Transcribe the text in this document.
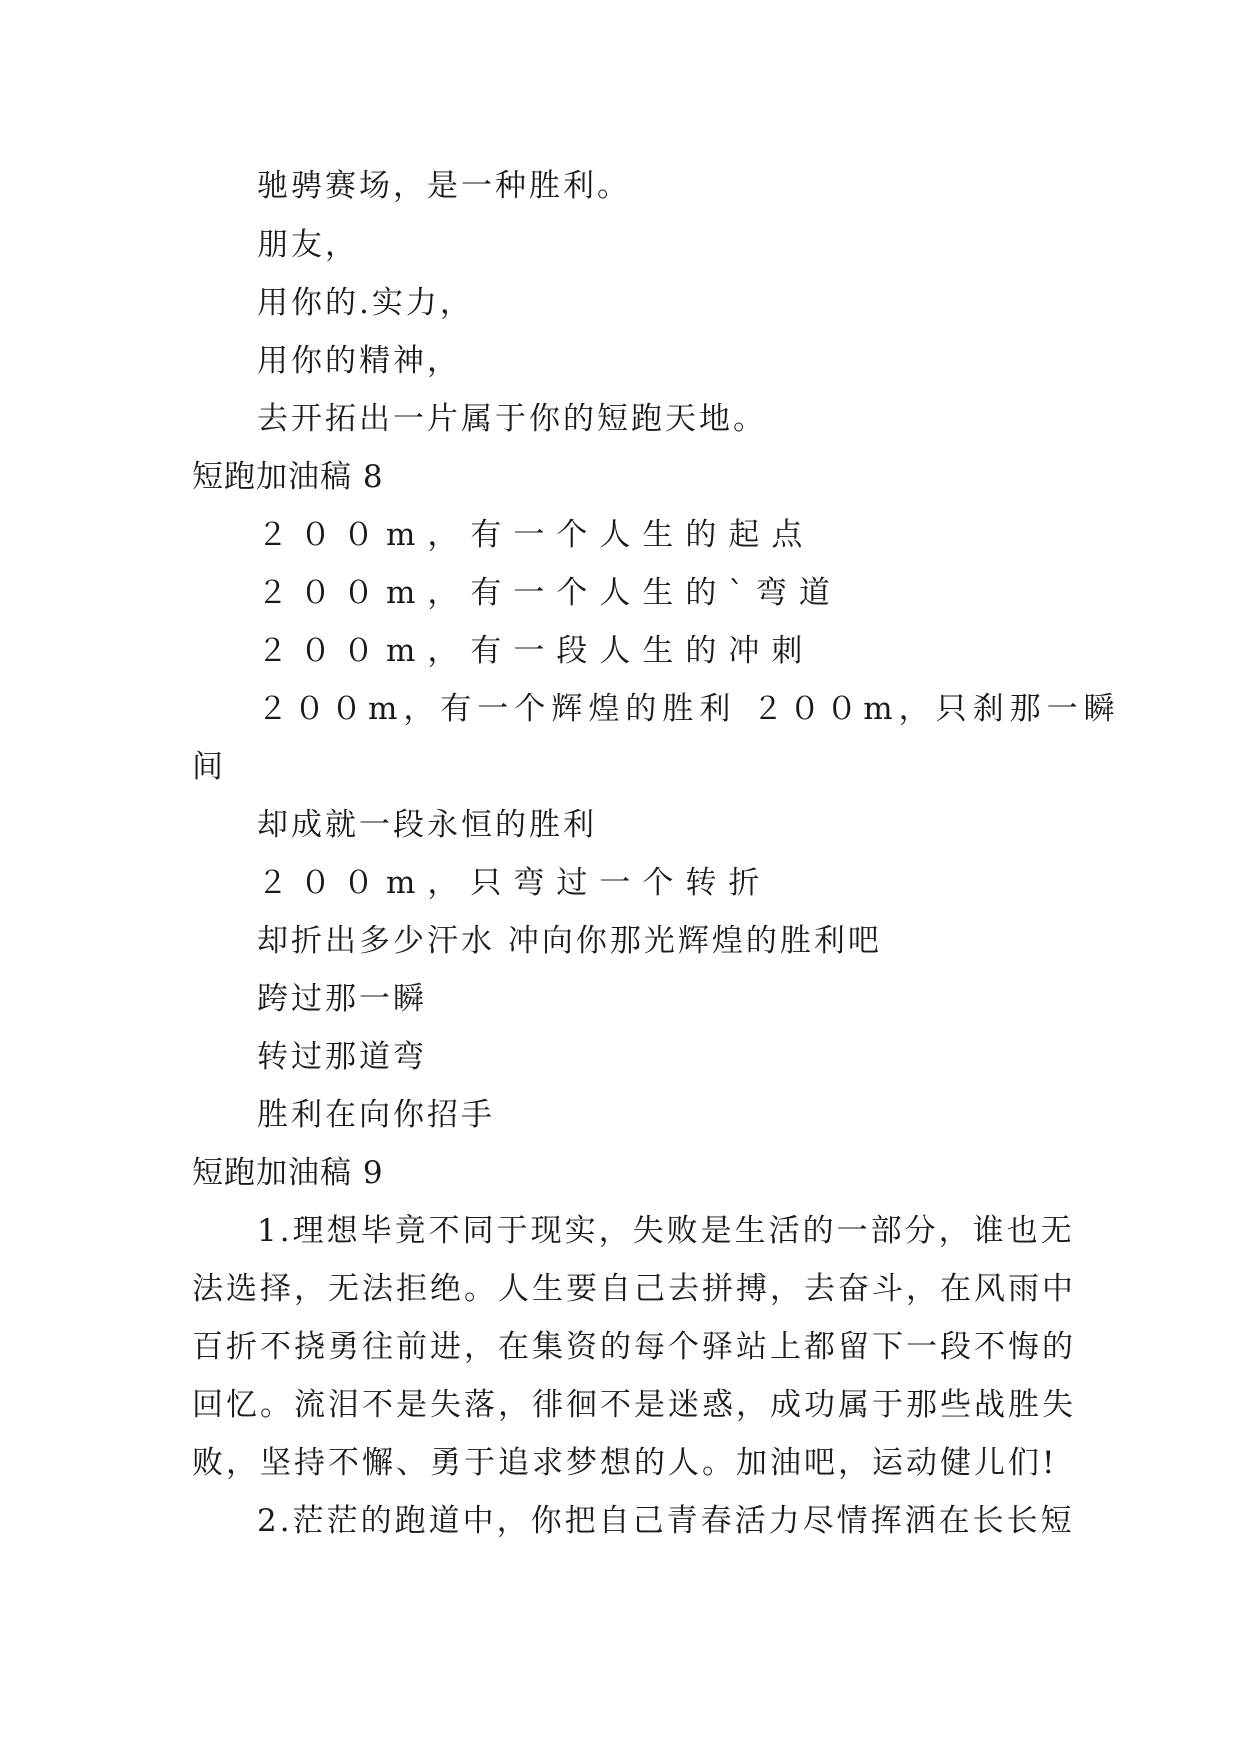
驰骋赛场，是一种胜利。
朋友，
用你的.实力，
用你的精神，
去开拓出一片属于你的短跑天地。
短跑加油稿 8
２００m，有一个人生的起点
２００m，有一个人生的`弯道
２００m，有一段人生的冲刺
２００m，有一个辉煌的胜利 ２００m，只刹那一瞬
间
却成就一段永恒的胜利
２００m，只弯过一个转折
却折出多少汗水 冲向你那光辉煌的胜利吧
跨过那一瞬
转过那道弯
胜利在向你招手
短跑加油稿 9
1.理想毕竟不同于现实，失败是生活的一部分，谁也无
法选择，无法拒绝。人生要自己去拼搏，去奋斗，在风雨中
百折不挠勇往前进，在集资的每个驿站上都留下一段不悔的
回忆。流泪不是失落，徘徊不是迷惑，成功属于那些战胜失
败，坚持不懈、勇于追求梦想的人。加油吧，运动健儿们!
2.茫茫的跑道中，你把自己青春活力尽情挥洒在长长短
